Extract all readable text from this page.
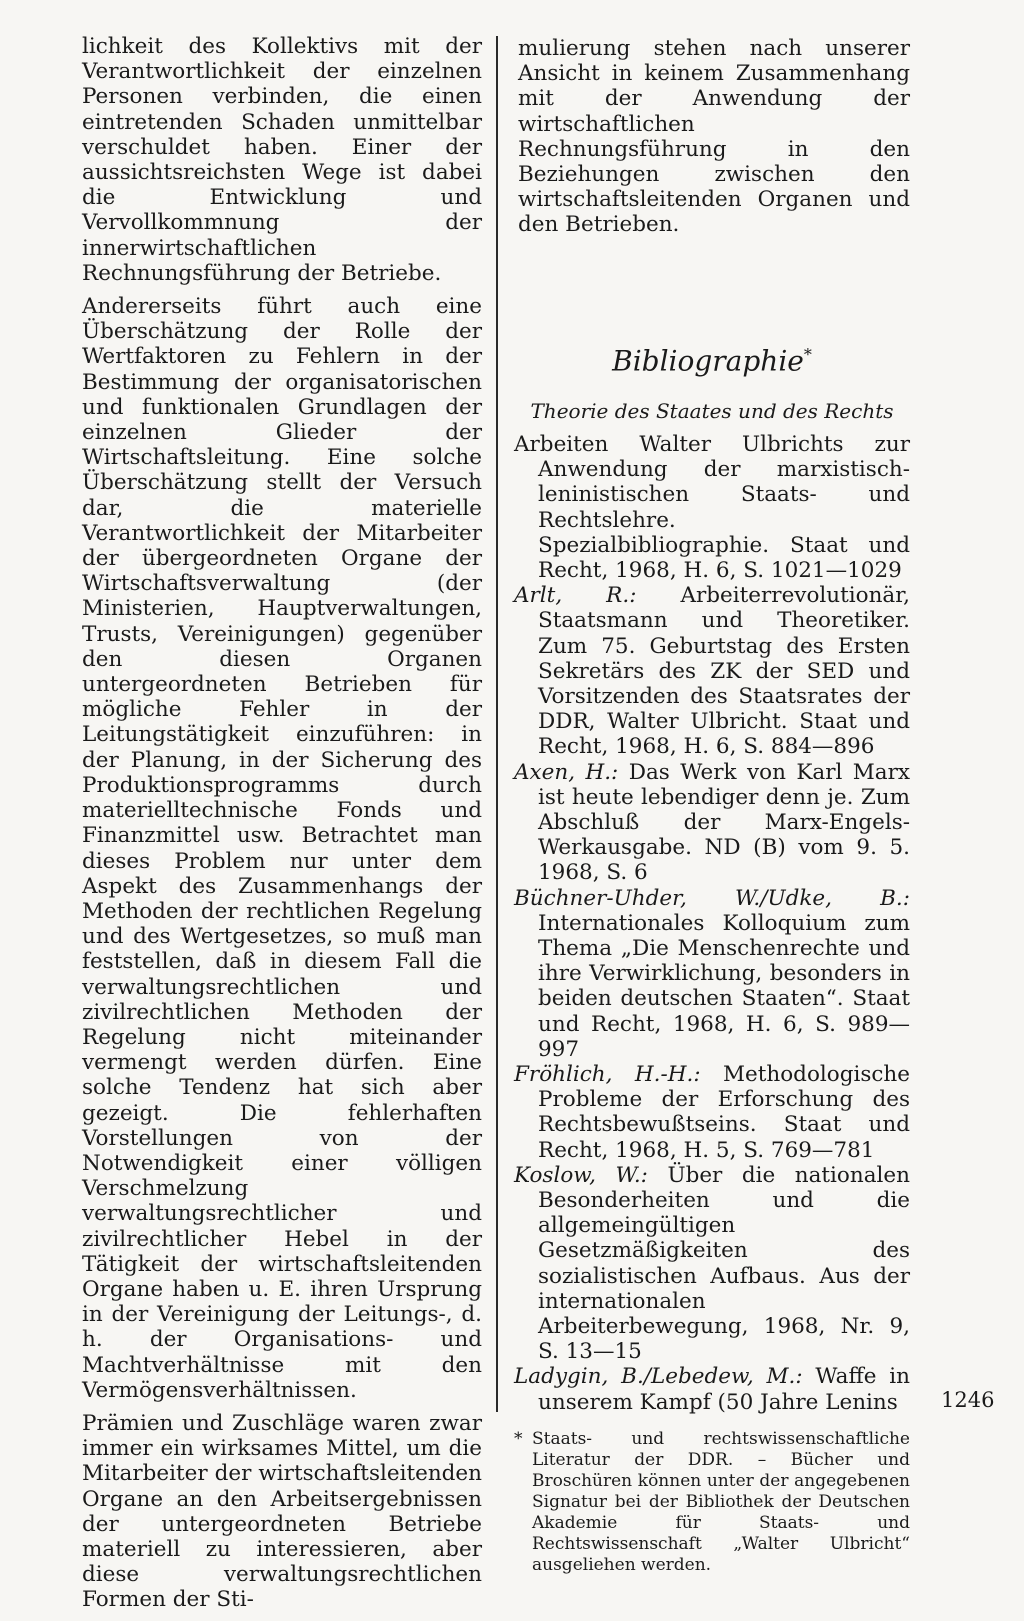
lichkeit des Kollektivs mit der Verantwortlichkeit der einzelnen Personen verbinden, die einen eintretenden Schaden unmittelbar verschuldet haben. Einer der aussichtsreichsten Wege ist dabei die Entwicklung und Vervollkommnung der innerwirtschaftlichen Rechnungsführung der Betriebe.

Andererseits führt auch eine Überschätzung der Rolle der Wertfaktoren zu Fehlern in der Bestimmung der organisatorischen und funktionalen Grundlagen der einzelnen Glieder der Wirtschaftsleitung. Eine solche Überschätzung stellt der Versuch dar, die materielle Verantwortlichkeit der Mitarbeiter der übergeordneten Organe der Wirtschaftsverwaltung (der Ministerien, Hauptverwaltungen, Trusts, Vereinigungen) gegenüber den diesen Organen untergeordneten Betrieben für mögliche Fehler in der Leitungstätigkeit einzuführen: in der Planung, in der Sicherung des Produktionsprogramms durch materielltechnische Fonds und Finanzmittel usw. Betrachtet man dieses Problem nur unter dem Aspekt des Zusammenhangs der Methoden der rechtlichen Regelung und des Wertgesetzes, so muß man feststellen, daß in diesem Fall die verwaltungsrechtlichen und zivilrechtlichen Methoden der Regelung nicht miteinander vermengt werden dürfen. Eine solche Tendenz hat sich aber gezeigt. Die fehlerhaften Vorstellungen von der Notwendigkeit einer völligen Verschmelzung verwaltungsrechtlicher und zivilrechtlicher Hebel in der Tätigkeit der wirtschaftsleitenden Organe haben u. E. ihren Ursprung in der Vereinigung der Leitungs-, d. h. der Organisations- und Machtverhältnisse mit den Vermögensverhältnissen.

Prämien und Zuschläge waren zwar immer ein wirksames Mittel, um die Mitarbeiter der wirtschaftsleitenden Organe an den Arbeitsergebnissen der untergeordneten Betriebe materiell zu interessieren, aber diese verwaltungsrechtlichen Formen der Sti-

mulierung stehen nach unserer Ansicht in keinem Zusammenhang mit der Anwendung der wirtschaftlichen Rechnungsführung in den Beziehungen zwischen den wirtschaftsleitenden Organen und den Betrieben.

Bibliographie*
Theorie des Staates und des Rechts
Arbeiten Walter Ulbrichts zur Anwendung der marxistisch-leninistischen Staats- und Rechtslehre. Spezialbibliographie. Staat und Recht, 1968, H. 6, S. 1021—1029
Arlt, R.: Arbeiterrevolutionär, Staatsmann und Theoretiker. Zum 75. Geburtstag des Ersten Sekretärs des ZK der SED und Vorsitzenden des Staatsrates der DDR, Walter Ulbricht. Staat und Recht, 1968, H. 6, S. 884—896
Axen, H.: Das Werk von Karl Marx ist heute lebendiger denn je. Zum Abschluß der Marx-Engels-Werkausgabe. ND (B) vom 9. 5. 1968, S. 6
Büchner-Uhder, W./Udke, B.: Internationales Kolloquium zum Thema „Die Menschenrechte und ihre Verwirklichung, besonders in beiden deutschen Staaten“. Staat und Recht, 1968, H. 6, S. 989—997
Fröhlich, H.-H.: Methodologische Probleme der Erforschung des Rechtsbewußtseins. Staat und Recht, 1968, H. 5, S. 769—781
Koslow, W.: Über die nationalen Besonderheiten und die allgemeingültigen Gesetzmäßigkeiten des sozialistischen Aufbaus. Aus der internationalen Arbeiterbewegung, 1968, Nr. 9, S. 13—15
Ladygin, B./Lebedew, M.: Waffe in unserem Kampf (50 Jahre Lenins

* Staats- und rechtswissenschaftliche Literatur der DDR. – Bücher und Broschüren können unter der angegebenen Signatur bei der Bibliothek der Deutschen Akademie für Staats- und Rechtswissenschaft „Walter Ulbricht“ ausgeliehen werden.

1246
